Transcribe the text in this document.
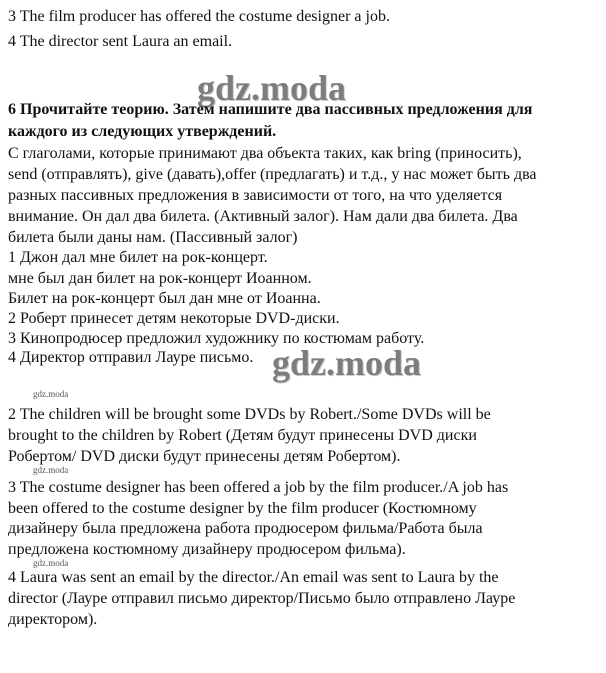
3 The film producer has offered the costume designer a job.
4 The director sent Laura an email.
gdz.moda
6 Прочитайте теорию. Затем напишите два пассивных предложения для
каждого из следующих утверждений.
С глаголами, которые принимают два объекта таких, как bring (приносить),
send (отправлять), give (давать),offer (предлагать) и т.д., у нас может быть два
разных пассивных предложения в зависимости от того, на что уделяется
внимание. Он дал два билета. (Активный залог). Нам дали два билета. Два
билета были даны нам. (Пассивный залог)
1 Джон дал мне билет на рок-концерт.
мне был дан билет на рок-концерт Иоанном.
Билет на рок-концерт был дан мне от Иоанна.
2 Роберт принесет детям некоторые DVD-диски.
3 Кинопродюсер предложил художнику по костюмам работу.
4 Директор отправил Лауре письмо. gdz.moda
gdz.moda
2 The children will be brought some DVDs by Robert./Some DVDs will be
brought to the children by Robert (Детям будут принесены DVD диски
Робертом/ DVD диски будут принесены детям Робертом).
gdz.moda
3 The costume designer has been offered a job by the film producer./A job has
been offered to the costume designer by the film producer (Костюмному
дизайнеру была предложена работа продюсером фильма/Работа была
предложена костюмному дизайнеру продюсером фильма).
gdz.moda
4 Laura was sent an email by the director./An email was sent to Laura by the
director (Лауре отправил письмо директор/Письмо было отправлено Лауре
директором).
